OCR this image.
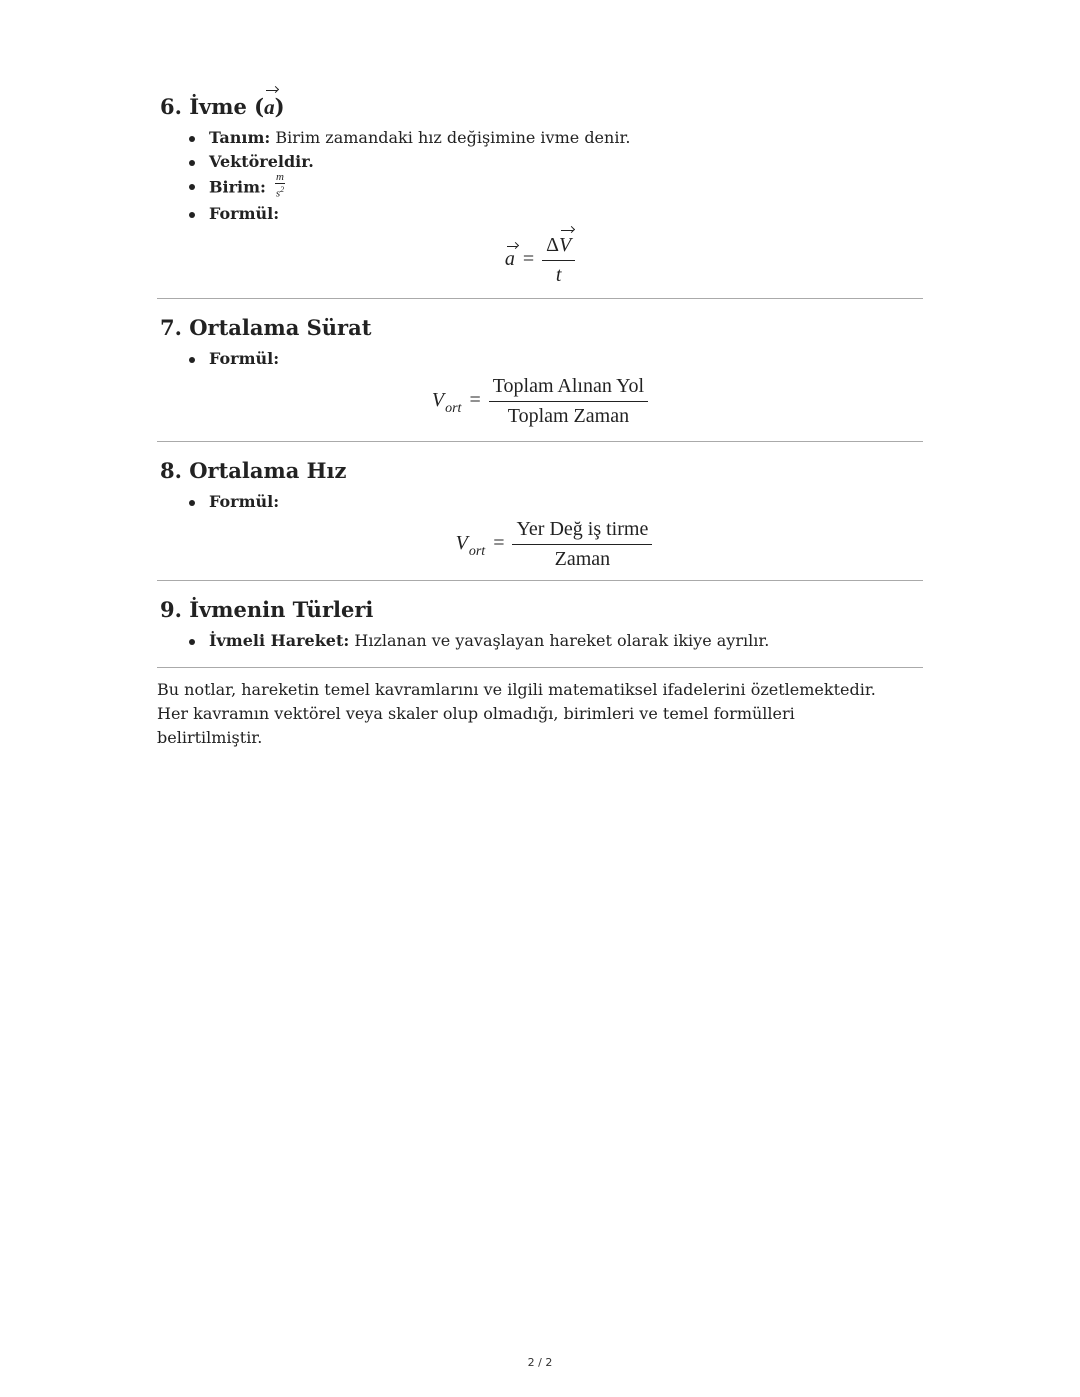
6. İvme (a)
Tanım: Birim zamandaki hız değişimine ivme denir.
Vektöreldir.
Birim: $\frac{m}{s^2}$
Formül:
$a = \frac{\Delta V}{t}$
7. Ortalama Sürat
Formül:
$V_{ort} = \frac{\text{Toplam Alınan Yol}}{\text{Toplam Zaman}}$
8. Ortalama Hız
Formül:
$V_{ort} = \frac{\text{Yer Değ iş tirme}}{\text{Zaman}}$
9. İvmenin Türleri
İvmeli Hareket: Hızlanan ve yavaşlayan hareket olarak ikiye ayrılır.

Bu notlar, hareketin temel kavramlarını ve ilgili matematiksel ifadelerini özetlemektedir.
Her kavramın vektörel veya skaler olup olmadığı, birimleri ve temel formülleri
belirtilmiştir.

2 / 2
